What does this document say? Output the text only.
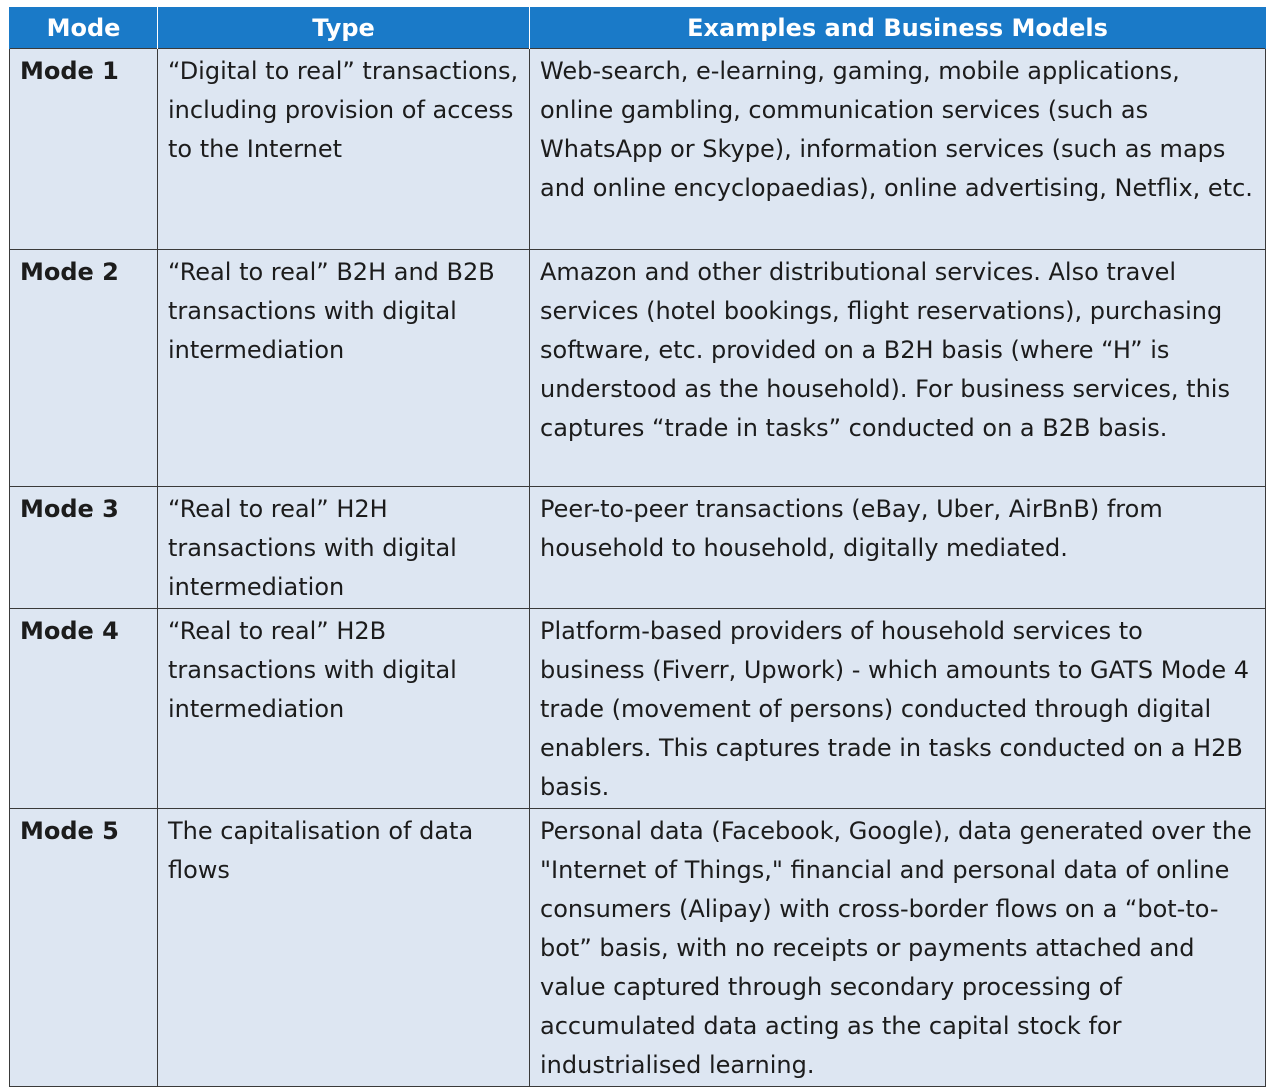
Mode	Type	Examples and Business Models
Mode 1	“Digital to real” transactions, including provision of access to the Internet	Web-search, e-learning, gaming, mobile applications, online gambling, communication services (such as WhatsApp or Skype), information services (such as maps and online encyclopaedias), online advertising, Netflix, etc.
Mode 2	“Real to real” B2H and B2B transactions with digital intermediation	Amazon and other distributional services. Also travel services (hotel bookings, flight reservations), purchasing software, etc. provided on a B2H basis (where “H” is understood as the household). For business services, this captures “trade in tasks” conducted on a B2B basis.
Mode 3	“Real to real” H2H transactions with digital intermediation	Peer-to-peer transactions (eBay, Uber, AirBnB) from household to household, digitally mediated.
Mode 4	“Real to real” H2B transactions with digital intermediation	Platform-based providers of household services to business (Fiverr, Upwork) - which amounts to GATS Mode 4 trade (movement of persons) conducted through digital enablers. This captures trade in tasks conducted on a H2B basis.
Mode 5	The capitalisation of data flows	Personal data (Facebook, Google), data generated over the "Internet of Things," financial and personal data of online consumers (Alipay) with cross-border flows on a “bot-to-bot” basis, with no receipts or payments attached and value captured through secondary processing of accumulated data acting as the capital stock for industrialised learning.
